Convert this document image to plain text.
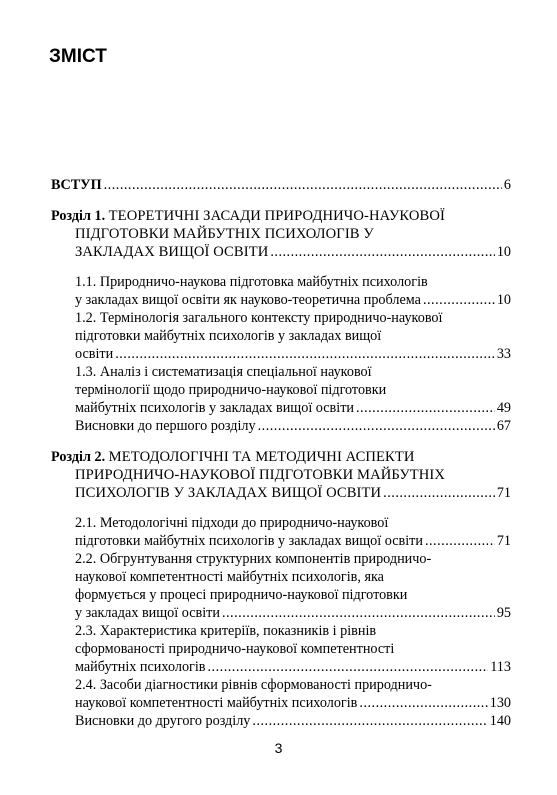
ЗМІСТ
ВСТУП .....	6
Розділ 1. ТЕОРЕТИЧНІ ЗАСАДИ ПРИРОДНИЧО-НАУКОВОЇ
ПІДГОТОВКИ МАЙБУТНІХ ПСИХОЛОГІВ У
ЗАКЛАДАХ ВИЩОЇ ОСВІТИ .....	10
1.1. Природничо-наукова підготовка майбутніх психологів
у закладах вищої освіти як науково-теоретична проблема .....	10
1.2. Термінологія загального контексту природничо-наукової
підготовки майбутніх психологів у закладах вищої
освіти .....	33
1.3. Аналіз і систематизація спеціальної наукової
термінології щодо природничо-наукової підготовки
майбутніх психологів у закладах вищої освіти .....	49
Висновки до першого розділу .....	67
Розділ 2. МЕТОДОЛОГІЧНІ ТА МЕТОДИЧНІ АСПЕКТИ
ПРИРОДНИЧО-НАУКОВОЇ ПІДГОТОВКИ МАЙБУТНІХ
ПСИХОЛОГІВ У ЗАКЛАДАХ ВИЩОЇ ОСВІТИ .....	71
2.1. Методологічні підходи до природничо-наукової
підготовки майбутніх психологів у закладах вищої освіти .....	71
2.2. Обгрунтування структурних компонентів природничо-
наукової компетентності майбутніх психологів, яка
формується у процесі природничо-наукової підготовки
у закладах вищої освіти .....	95
2.3. Характеристика критеріїв, показників і рівнів
сформованості природничо-наукової компетентності
майбутніх психологів .....	113
2.4. Засоби діагностики рівнів сформованості природничо-
наукової компетентності майбутніх психологів .....	130
Висновки до другого розділу .....	140
3
